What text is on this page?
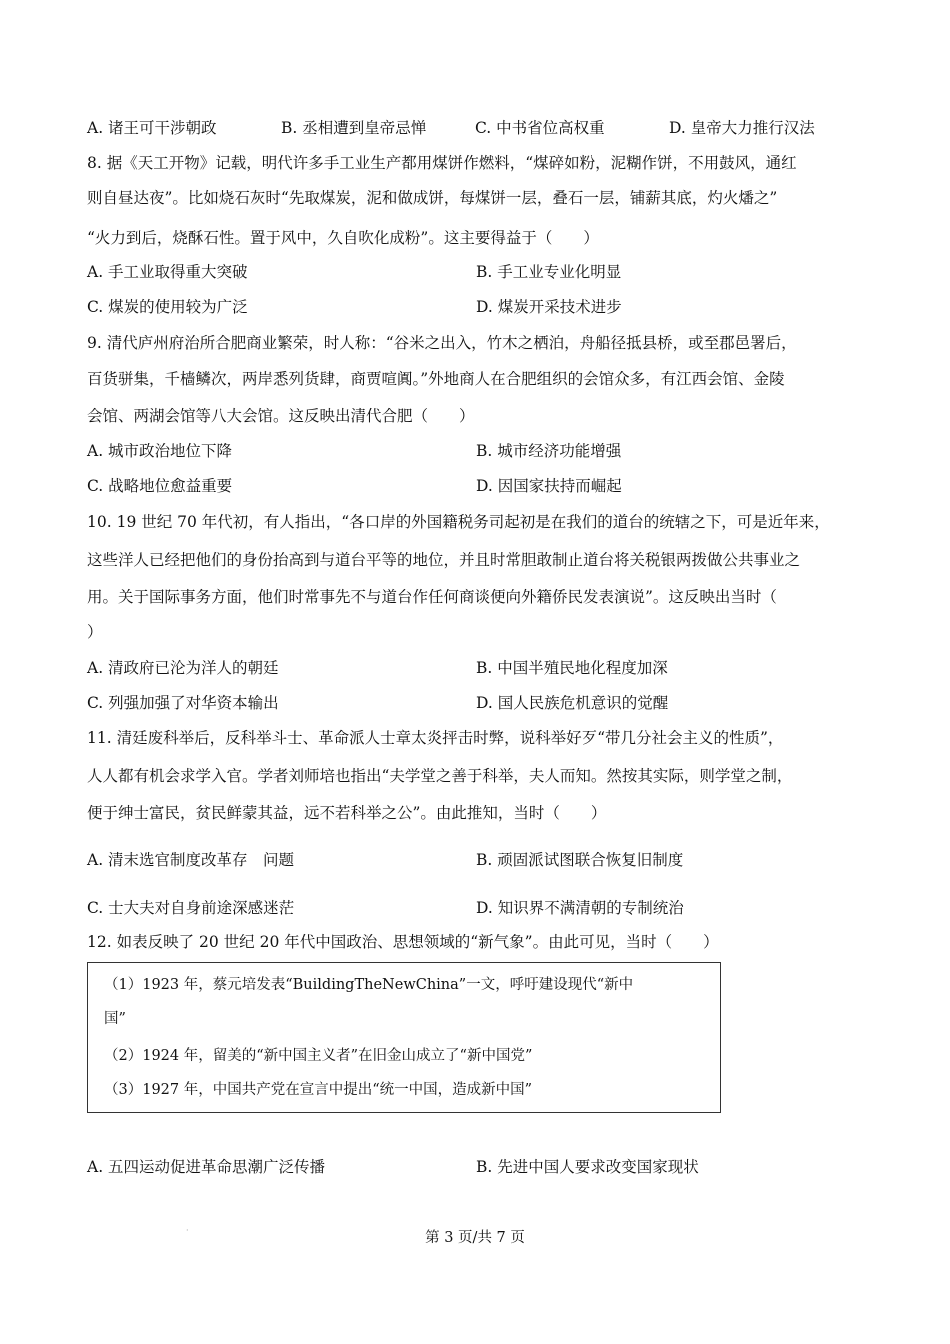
A. 诸王可干涉朝政	B. 丞相遭到皇帝忌惮	C. 中书省位高权重	D. 皇帝大力推行汉法
8. 据《天工开物》记载，明代许多手工业生产都用煤饼作燃料，“煤碎如粉，泥糊作饼，不用鼓风，通红
则自昼达夜”。比如烧石灰时“先取煤炭，泥和做成饼，每煤饼一层，叠石一层，铺薪其底，灼火燔之”
“火力到后，烧酥石性。置于风中，久自吹化成粉”。这主要得益于（　　）
A. 手工业取得重大突破	B. 手工业专业化明显
C. 煤炭的使用较为广泛	D. 煤炭开采技术进步
9. 清代庐州府治所合肥商业繁荣，时人称：“谷米之出入，竹木之栖泊，舟船径抵县桥，或至郡邑署后，
百货骈集，千樯鳞次，两岸悉列货肆，商贾喧阗。”外地商人在合肥组织的会馆众多，有江西会馆、金陵
会馆、两湖会馆等八大会馆。这反映出清代合肥（　　）
A. 城市政治地位下降	B. 城市经济功能增强
C. 战略地位愈益重要	D. 因国家扶持而崛起
10. 19 世纪 70 年代初，有人指出，“各口岸的外国籍税务司起初是在我们的道台的统辖之下，可是近年来，
这些洋人已经把他们的身份抬高到与道台平等的地位，并且时常胆敢制止道台将关税银两拨做公共事业之
用。关于国际事务方面，他们时常事先不与道台作任何商谈便向外籍侨民发表演说”。这反映出当时（
）
A. 清政府已沦为洋人的朝廷	B. 中国半殖民地化程度加深
C. 列强加强了对华资本输出	D. 国人民族危机意识的觉醒
11. 清廷废科举后，反科举斗士、革命派人士章太炎抨击时弊，说科举好歹“带几分社会主义的性质”，
人人都有机会求学入官。学者刘师培也指出“夫学堂之善于科举，夫人而知。然按其实际，则学堂之制，
便于绅士富民，贫民鲜蒙其益，远不若科举之公”。由此推知，当时（　　）
A. 清末选官制度改革存　问题	B. 顽固派试图联合恢复旧制度
C. 士大夫对自身前途深感迷茫	D. 知识界不满清朝的专制统治
12. 如表反映了 20 世纪 20 年代中国政治、思想领域的“新气象”。由此可见，当时（　　）
（1）1923 年，蔡元培发表“BuildingTheNewChina”一文，呼吁建设现代“新中
国”
（2）1924 年，留美的“新中国主义者”在旧金山成立了“新中国党”
（3）1927 年，中国共产党在宣言中提出“统一中国，造成新中国”
A. 五四运动促进革命思潮广泛传播	B. 先进中国人要求改变国家现状
·	第 3 页/共 7 页
